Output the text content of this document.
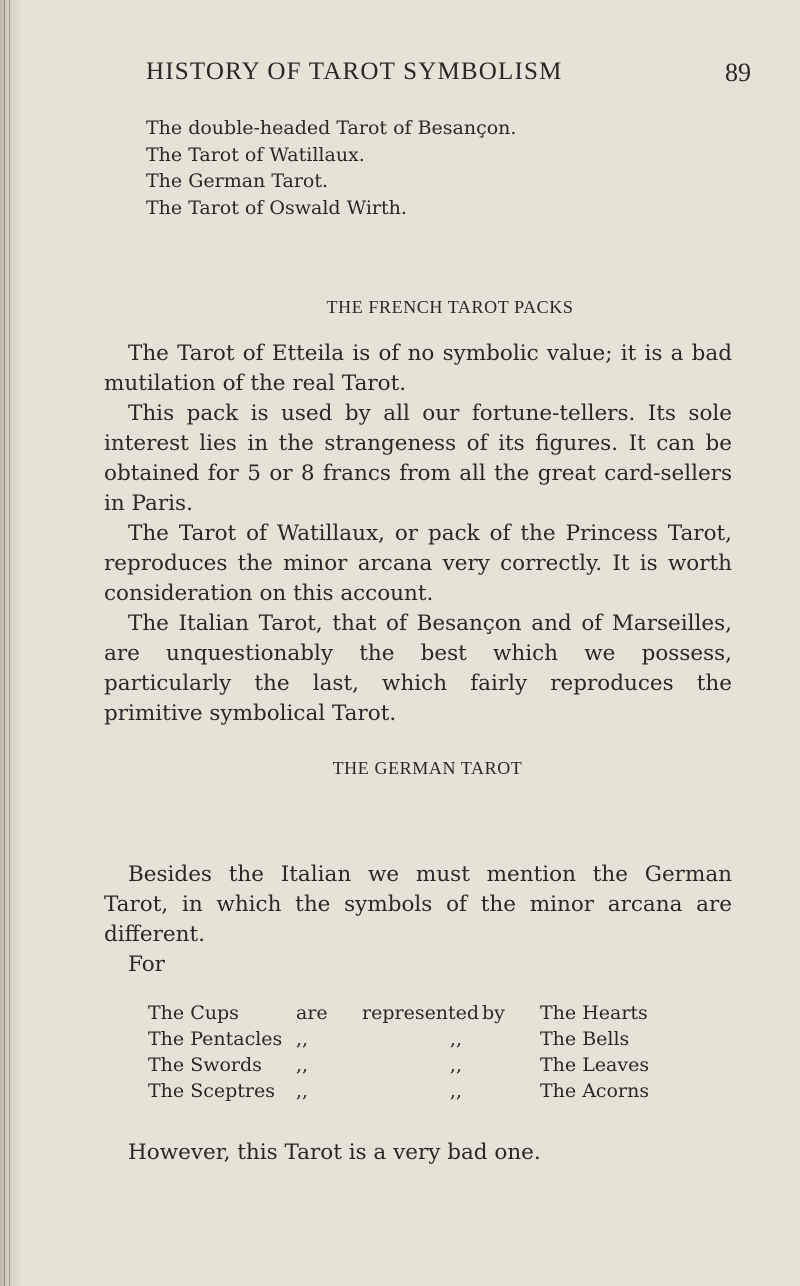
HISTORY OF TAROT SYMBOLISM	89
The double-headed Tarot of Besançon.
The Tarot of Watillaux.
The German Tarot.
The Tarot of Oswald Wirth.
THE FRENCH TAROT PACKS

The Tarot of Etteila is of no symbolic value; it is a bad mutilation of the real Tarot.

This pack is used by all our fortune-tellers. Its sole interest lies in the strangeness of its figures. It can be obtained for 5 or 8 francs from all the great card-sellers in Paris.

The Tarot of Watillaux, or pack of the Princess Tarot, reproduces the minor arcana very correctly. It is worth consideration on this account.

The Italian Tarot, that of Besançon and of Marseilles, are unquestionably the best which we possess, particularly the last, which fairly reproduces the primitive symbolical Tarot.

THE GERMAN TAROT

Besides the Italian we must mention the German Tarot, in which the symbols of the minor arcana are different.

For

The Cups	are	represented	by	The Hearts
The Pentacles	,,	,,		The Bells
The Swords	,,	,,		The Leaves
The Sceptres	,,	,,		The Acorns
However, this Tarot is a very bad one.
